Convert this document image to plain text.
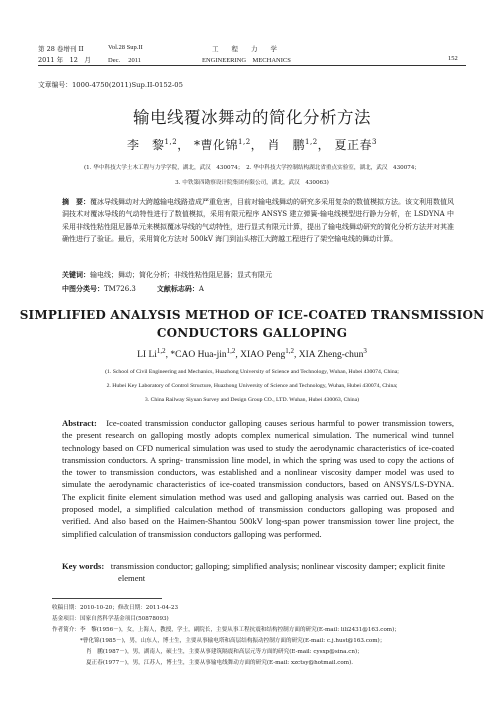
第 28 卷增刊 II	Vol.28 Sup.II	工　　程　　力　　学
2011 年　12　月	Dec.　 2011	ENGINEERING　MECHANICS	152
文章编号：1000-4750(2011)Sup.II-0152-05
输电线覆冰舞动的简化分析方法
李　黎$^{1,2}$， *曹化锦$^{1,2}$， 肖　鹏$^{1,2}$， 夏正春$^3$
(1. 华中科技大学土木工程与力学学院，湖北，武汉　430074；　2. 华中科技大学控制结构湖北省重点实验室，湖北，武汉　430074；
3. 中铁第四勘察设计院集团有限公司，湖北，武汉　430063)
摘　要：覆冰导线舞动对大跨越输电线路造成严重危害，目前对输电线舞动的研究多采用复杂的数值模拟方法。该文利用数值风洞技术对覆冰导线的气动特性进行了数值模拟，采用有限元程序 ANSYS 建立弹簧-输电线模型进行静力分析，在 LSDYNA 中采用非线性粘性阻尼器单元来模拟覆冰导线的气动特性，进行显式有限元计算，提出了输电线舞动研究的简化分析方法并对其准确性进行了验证。最后，采用简化方法对 500kV 海门到汕头榕江大跨越工程进行了架空输电线的舞动计算。
关键词：输电线；舞动；简化分析；非线性粘性阻尼器；显式有限元
中图分类号：TM726.3　　　	文献标志码：A
SIMPLIFIED ANALYSIS METHOD OF ICE-COATED TRANSMISSION
CONDUCTORS GALLOPING
LI Li$^{1,2}$, *CAO Hua-jin$^{1,2}$, XIAO Peng$^{1,2}$, XIA Zheng-chun$^3$
(1. School of Civil Engineering and Mechanics, Huazhong University of Science and Technology, Wuhan, Hubei 430074, China;
2. Hubei Key Laboratory of Control Structure, Huazhong University of Science and Technology, Wuhan, Hubei 430074, China;
3. China Railway Siyuan Survey and Design Group CO., LTD. Wuhan, Hubei 430063, China)
Abstract: Ice-coated transmission conductor galloping causes serious harmful to power transmission towers, the present research on galloping mostly adopts complex numerical simulation. The numerical wind tunnel technology based on CFD numerical simulation was used to study the aerodynamic characteristics of ice-coated transmission conductors. A spring- transmission line model, in which the spring was used to copy the actions of the tower to transmission conductors, was established and a nonlinear viscosity damper model was used to simulate the aerodynamic characteristics of ice-coated transmission conductors, based on ANSYS/LS-DYNA. The explicit finite element simulation method was used and galloping analysis was carried out. Based on the proposed model, a simplified calculation method of transmission conductors galloping was proposed and verified. And also based on the Haimen-Shantou 500kV long-span power transmission tower line project, the simplified calculation of transmission conductors galloping was performed.
Key words: transmission conductor; galloping; simplified analysis; nonlinear viscosity damper; explicit finite
element
收稿日期：2010-10-20；修改日期：2011-04-23
基金项目：国家自然科学基金项目(50878093)
作者简介：李　黎(1956－)，女，上海人，教授，学士，副院长，主要从事工程抗震和结构控制方面的研究(E-mail: lili2431@163.com)；
*曹化锦(1985－)，男，山东人，博士生，主要从事输电塔和高层结构振动控制方面的研究(E-mail: c.j.hust@163.com)；
肖　鹏(1987－)，男，湖南人，硕士生，主要从事建筑隔震和高层元等方面的研究(E-mail: cysxp@sina.cn)；
夏正春(1977－)，男，江苏人，博士生，主要从事输电线舞动方面的研究(E-mail: xzctsy@hotmail.com).
